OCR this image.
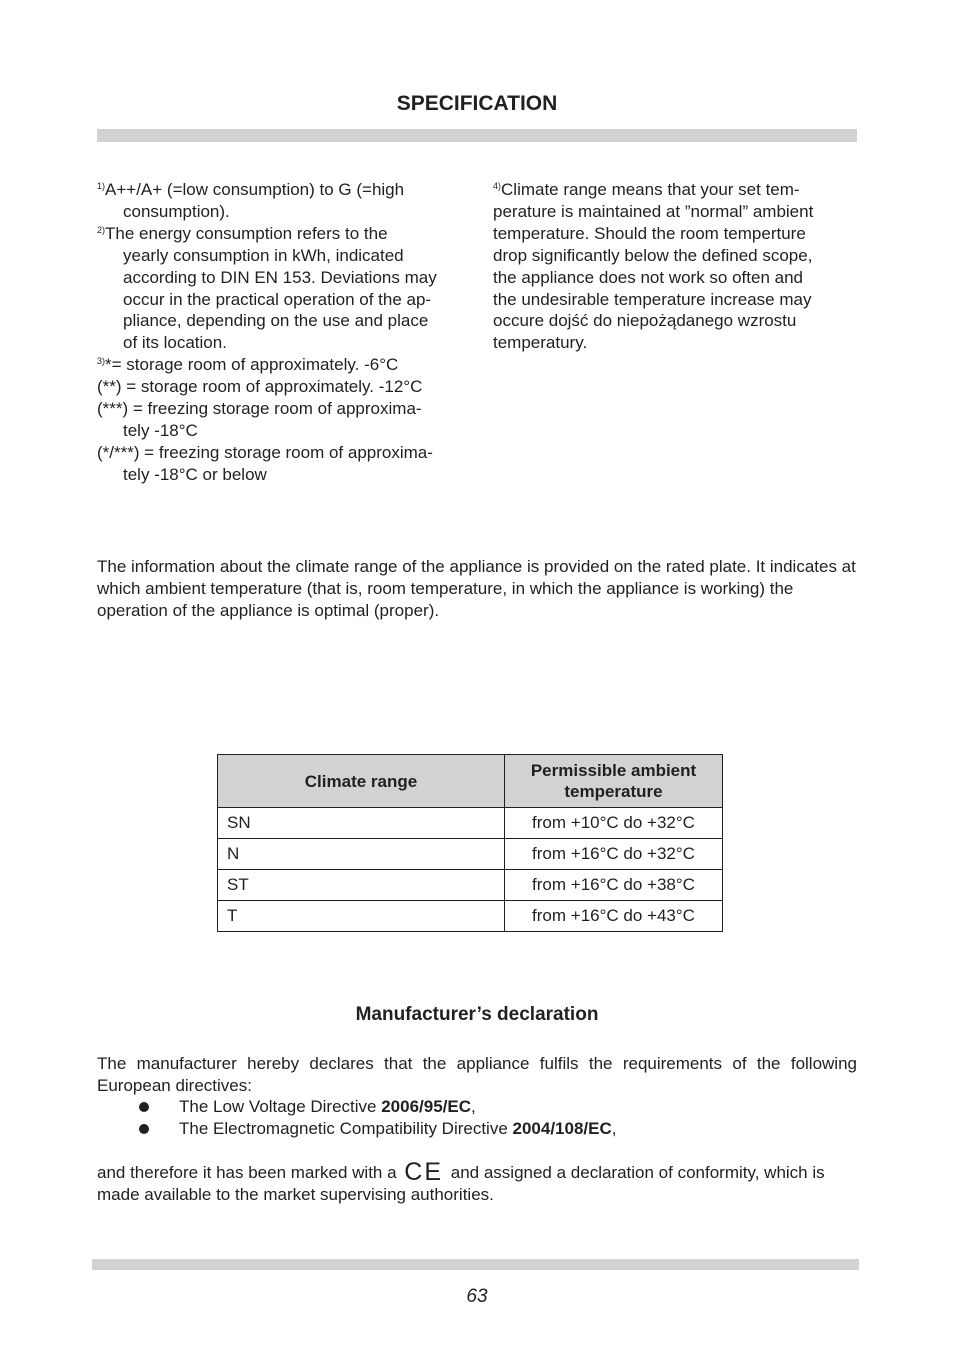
SPECIFICATION
$^{1)}$A++/A+ (=low consumption) to G (=high
consumption).
$^{2)}$The energy consumption refers to the
yearly consumption in kWh, indicated
according to DIN EN 153. Deviations may
occur in the practical operation of the ap-
pliance, depending on the use and place
of its location.
$^{3)}$*= storage room of approximately. -6°C
(**) = storage room of approximately. -12°C
(***) = freezing storage room of approxima-
tely -18°C
(*/***) = freezing storage room of approxima-
tely -18°C or below
$^{4)}$Climate range means that your set tem-
perature is maintained at ”normal” ambient
temperature. Should the room temperture
drop significantly below the defined scope,
the appliance does not work so often and
the undesirable temperature increase may
occure dojść do niepożądanego wzrostu
temperatury.
The information about the climate range of the appliance is provided on the rated plate. It indicates at which ambient temperature (that is, room temperature, in which the appliance is working) the operation of the appliance is optimal (proper).
Climate range	Permissible ambient temperature
SN	from +10°C do +32°C
N	from +16°C do +32°C
ST	from +16°C do +38°C
T	from +16°C do +43°C
Manufacturer’s declaration
The manufacturer hereby declares that the appliance fulfils the requirements of the following European directives:
The Low Voltage Directive 2006/95/EC,
The Electromagnetic Compatibility Directive 2004/108/EC,
and therefore it has been marked with a CE and assigned a declaration of conformity, which is made available to the market supervising authorities.
63
